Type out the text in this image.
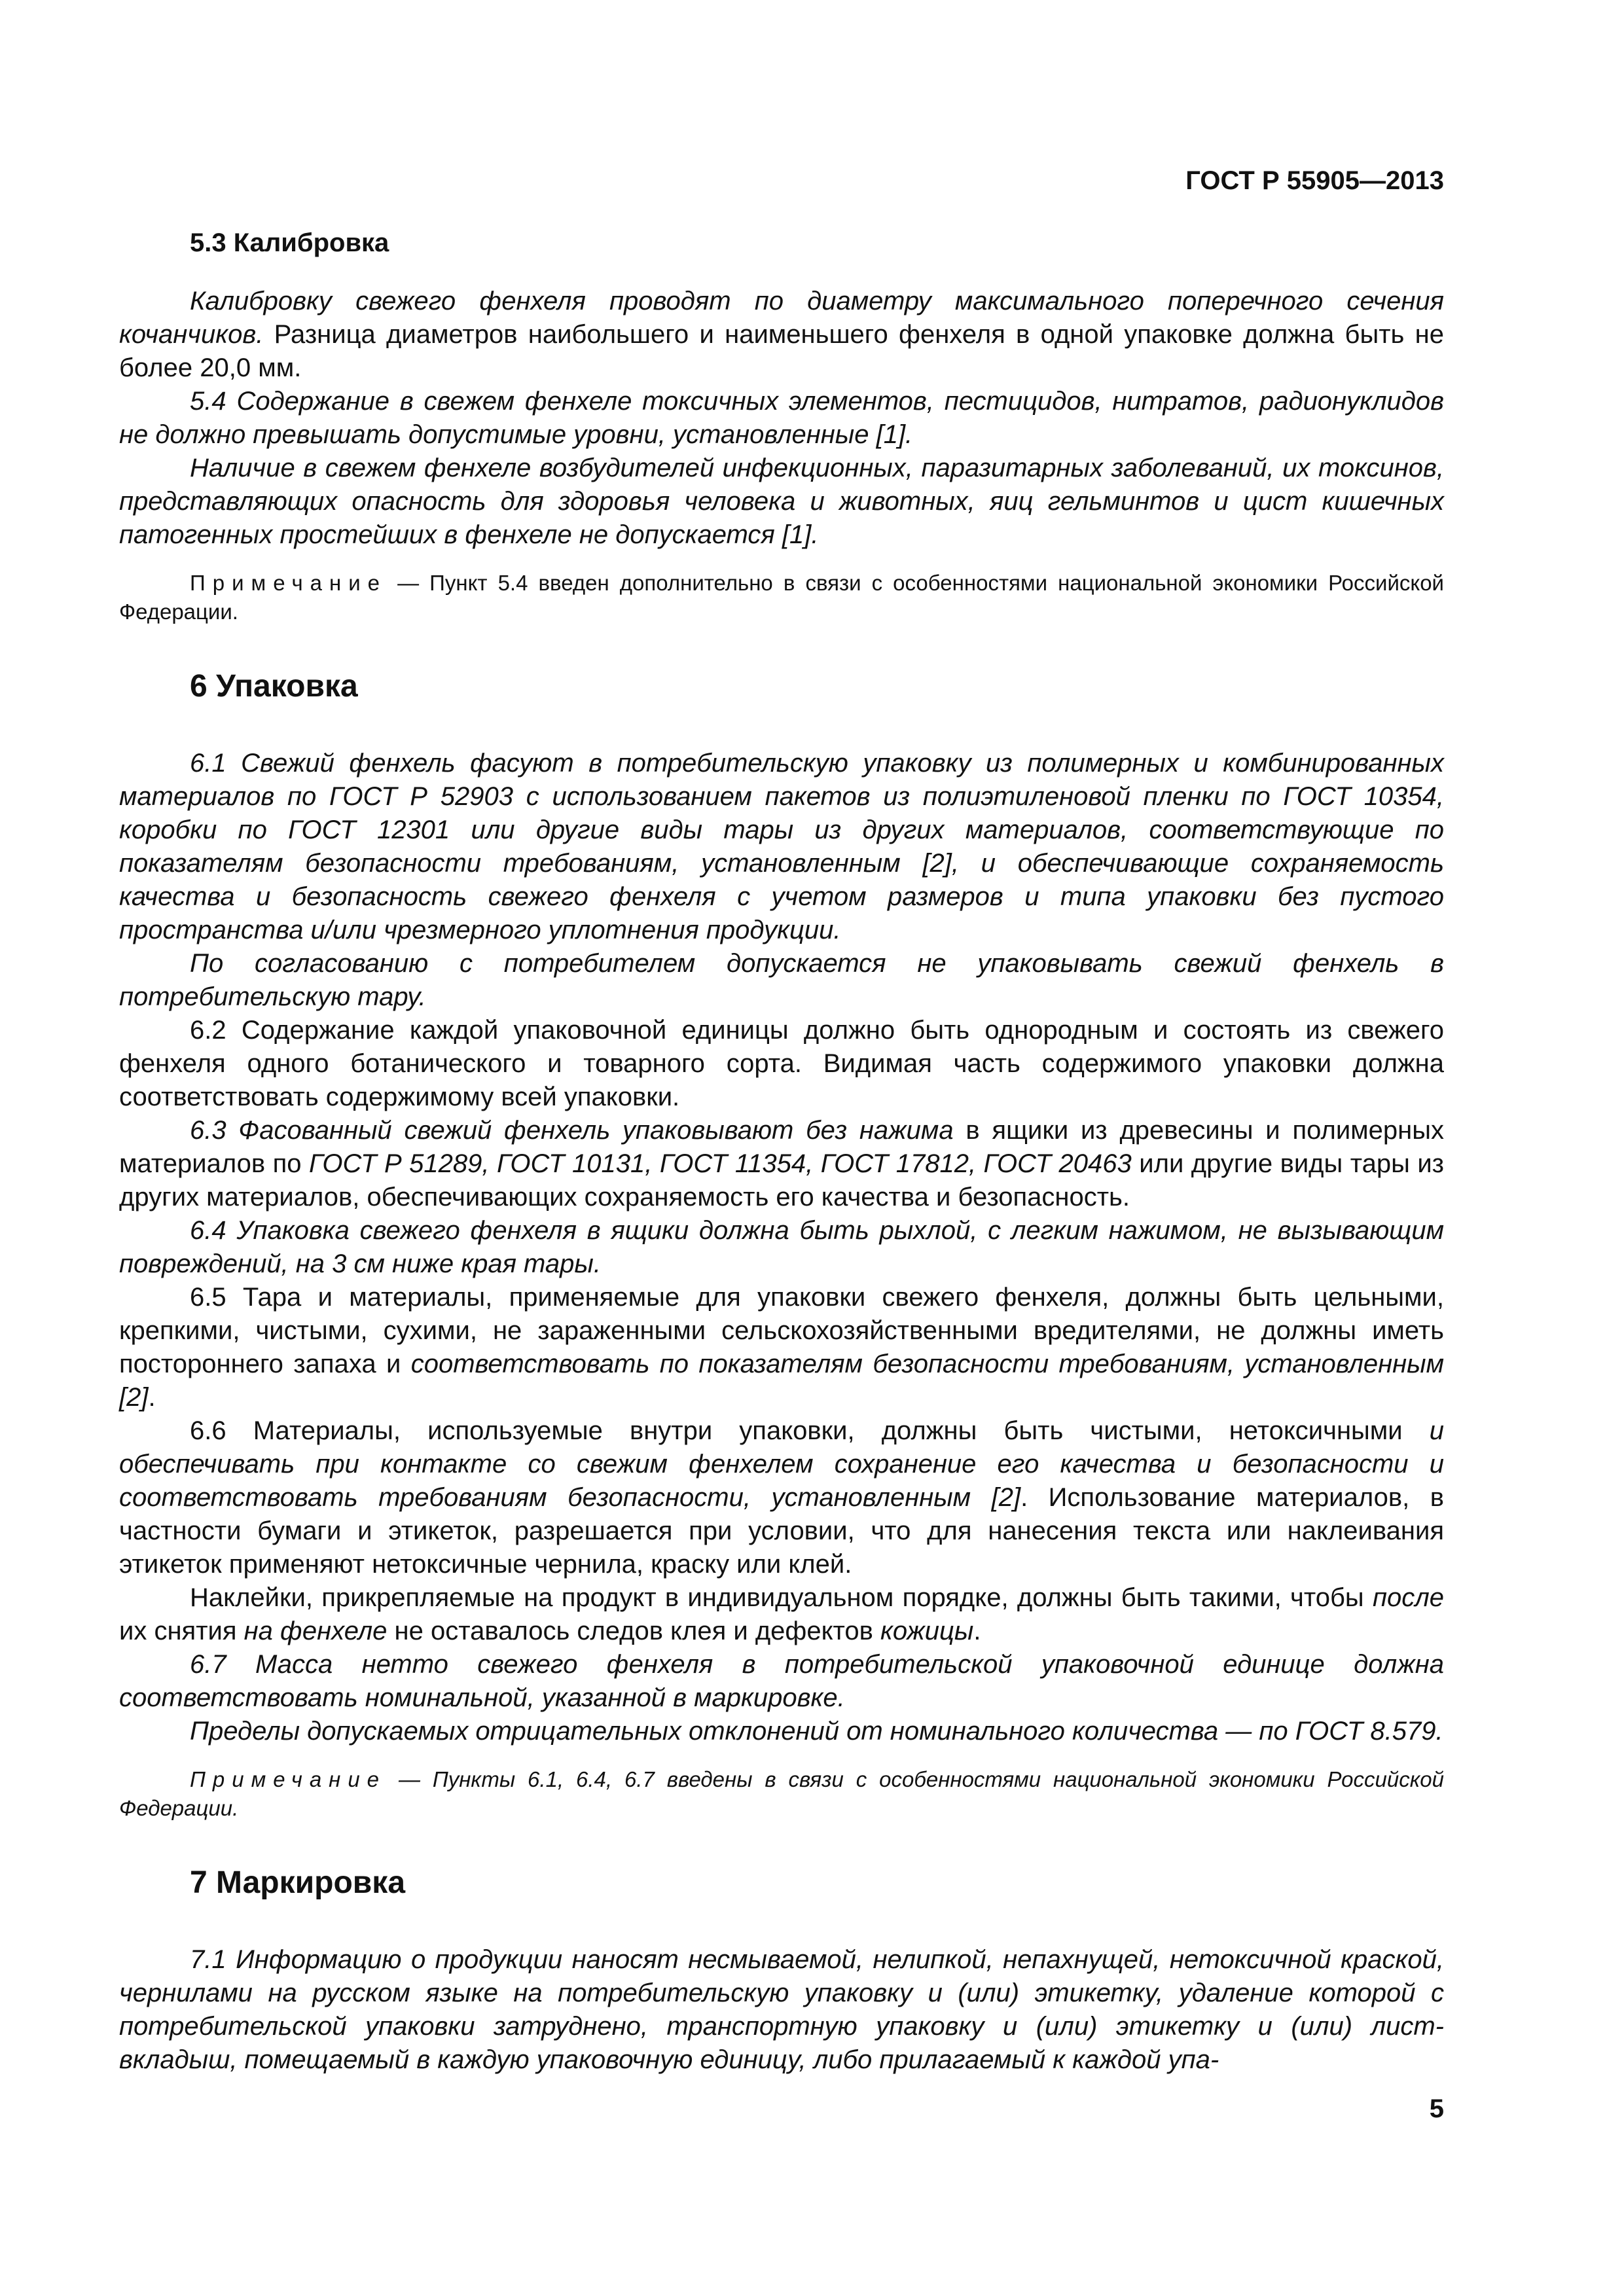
ГОСТ Р 55905—2013
5.3 Калибровка

Калибровку свежего фенхеля проводят по диаметру максимального поперечного сечения кочанчиков. Разница диаметров наибольшего и наименьшего фенхеля в одной упаковке должна быть не более 20,0 мм.

5.4 Содержание в свежем фенхеле токсичных элементов, пестицидов, нитратов, радионуклидов не должно превышать допустимые уровни, установленные [1].

Наличие в свежем фенхеле возбудителей инфекционных, паразитарных заболеваний, их токсинов, представляющих опасность для здоровья человека и животных, яиц гельминтов и цист кишечных патогенных простейших в фенхеле не допускается [1].

Примечание — Пункт 5.4 введен дополнительно в связи с особенностями национальной экономики Российской Федерации.

6 Упаковка

6.1 Свежий фенхель фасуют в потребительскую упаковку из полимерных и комбинированных материалов по ГОСТ Р 52903 с использованием пакетов из полиэтиленовой пленки по ГОСТ 10354, коробки по ГОСТ 12301 или другие виды тары из других материалов, соответствующие по показателям безопасности требованиям, установленным [2], и обеспечивающие сохраняемость качества и безопасность свежего фенхеля с учетом размеров и типа упаковки без пустого пространства и/или чрезмерного уплотнения продукции.

По согласованию с потребителем допускается не упаковывать свежий фенхель в потребительскую тару.

6.2 Содержание каждой упаковочной единицы должно быть однородным и состоять из свежего фенхеля одного ботанического и товарного сорта. Видимая часть содержимого упаковки должна соответствовать содержимому всей упаковки.

6.3 Фасованный свежий фенхель упаковывают без нажима в ящики из древесины и полимерных материалов по ГОСТ Р 51289, ГОСТ 10131, ГОСТ 11354, ГОСТ 17812, ГОСТ 20463 или другие виды тары из других материалов, обеспечивающих сохраняемость его качества и безопасность.

6.4 Упаковка свежего фенхеля в ящики должна быть рыхлой, с легким нажимом, не вызывающим повреждений, на 3 см ниже края тары.

6.5 Тара и материалы, применяемые для упаковки свежего фенхеля, должны быть цельными, крепкими, чистыми, сухими, не зараженными сельскохозяйственными вредителями, не должны иметь постороннего запаха и соответствовать по показателям безопасности требованиям, установленным [2].

6.6 Материалы, используемые внутри упаковки, должны быть чистыми, нетоксичными и обеспечивать при контакте со свежим фенхелем сохранение его качества и безопасности и соответствовать требованиям безопасности, установленным [2]. Использование материалов, в частности бумаги и этикеток, разрешается при условии, что для нанесения текста или наклеивания этикеток применяют нетоксичные чернила, краску или клей.

Наклейки, прикрепляемые на продукт в индивидуальном порядке, должны быть такими, чтобы после их снятия на фенхеле не оставалось следов клея и дефектов кожицы.

6.7 Масса нетто свежего фенхеля в потребительской упаковочной единице должна соответствовать номинальной, указанной в маркировке.

Пределы допускаемых отрицательных отклонений от номинального количества — по ГОСТ 8.579.

Примечание — Пункты 6.1, 6.4, 6.7 введены в связи с особенностями национальной экономики Российской Федерации.

7 Маркировка

7.1 Информацию о продукции наносят несмываемой, нелипкой, непахнущей, нетоксичной краской, чернилами на русском языке на потребительскую упаковку и (или) этикетку, удаление которой с потребительской упаковки затруднено, транспортную упаковку и (или) этикетку и (или) лист-вкладыш, помещаемый в каждую упаковочную единицу, либо прилагаемый к каждой упа-

5
